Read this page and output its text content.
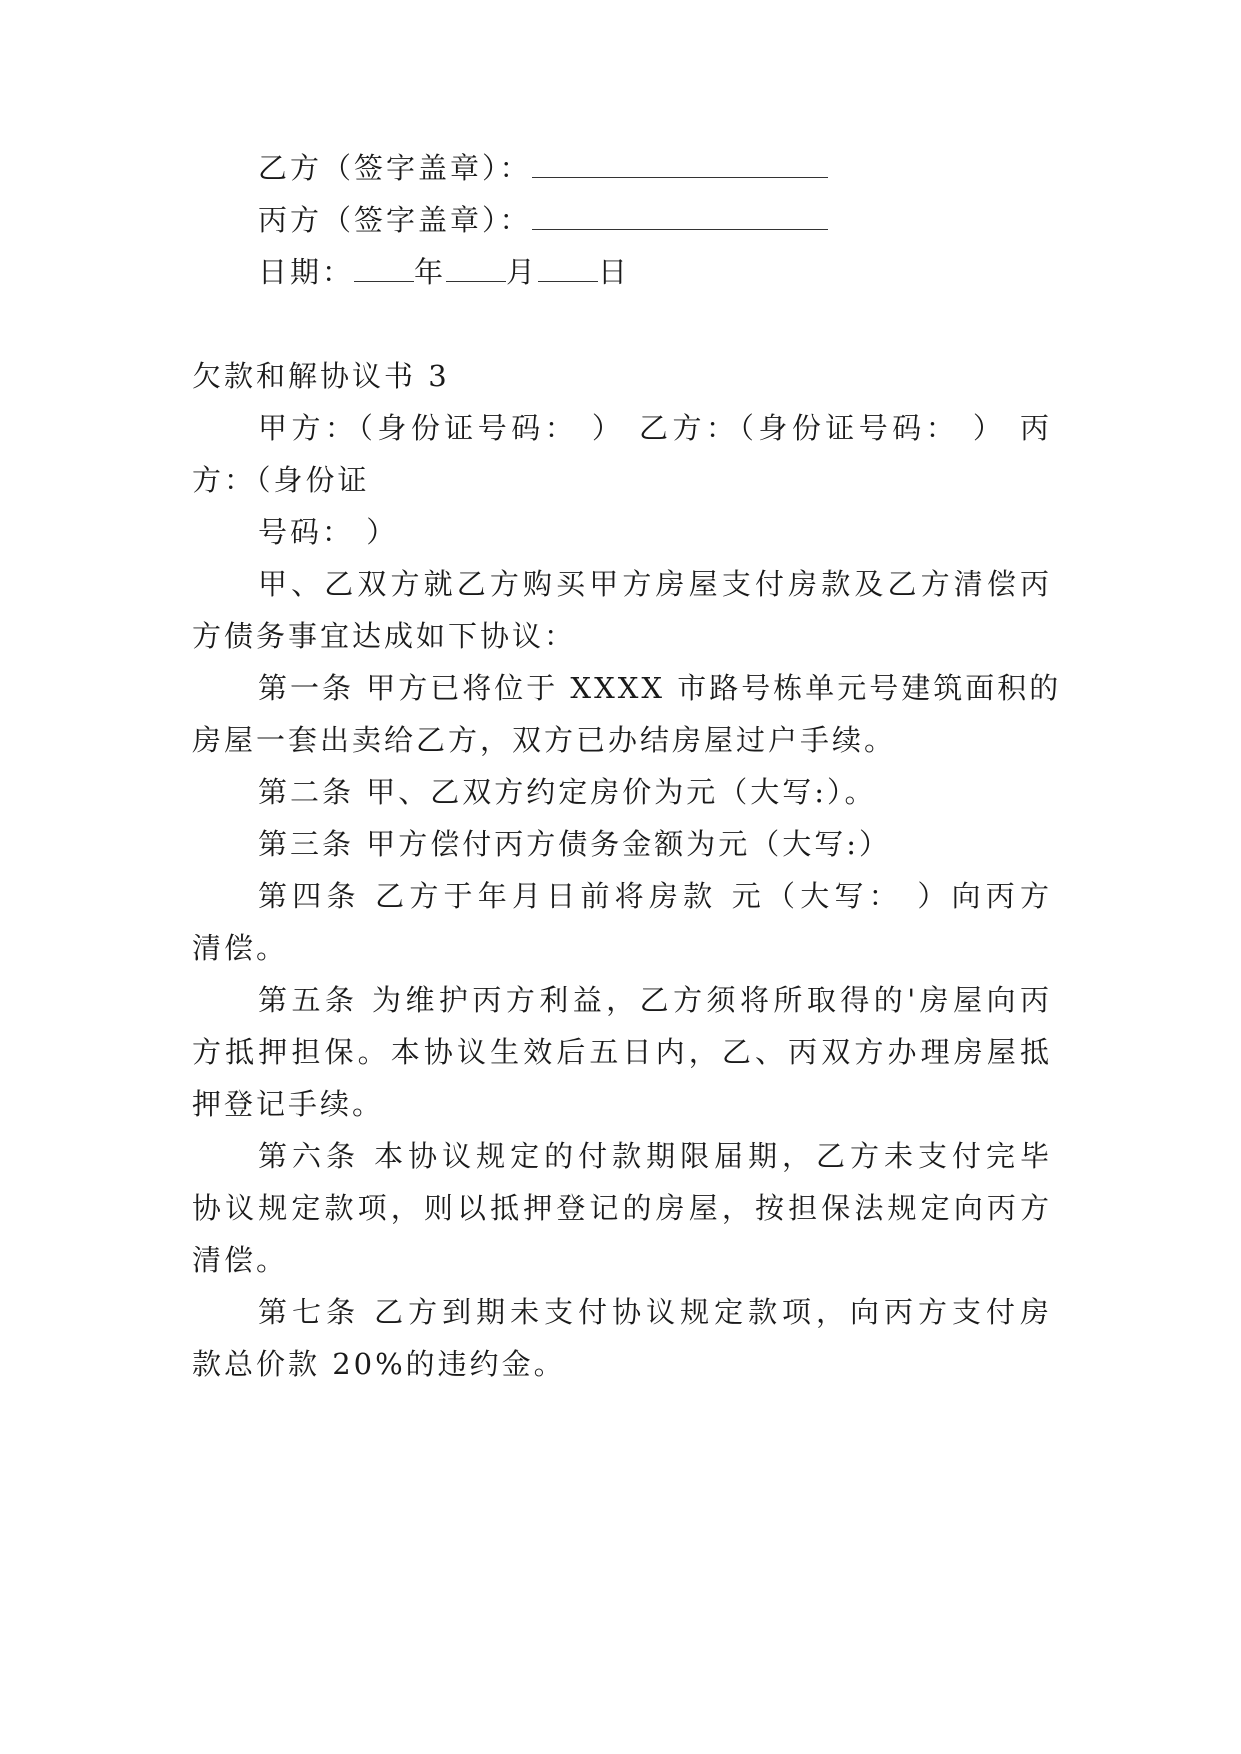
乙方（签字盖章）：
丙方（签字盖章）：
日期： 年 月 日
欠款和解协议书 3
甲方：（身份证号码： ） 乙方：（身份证号码： ） 丙
方：（身份证
号码： ）
甲、乙双方就乙方购买甲方房屋支付房款及乙方清偿丙
方债务事宜达成如下协议：
第一条 甲方已将位于 XXXX 市路号栋单元号建筑面积的
房屋一套出卖给乙方，双方已办结房屋过户手续。
第二条 甲、乙双方约定房价为元（大写:）。
第三条 甲方偿付丙方债务金额为元（大写:）
第四条 乙方于年月日前将房款 元（大写： ）向丙方
清偿。
第五条 为维护丙方利益，乙方须将所取得的'房屋向丙
方抵押担保。本协议生效后五日内，乙、丙双方办理房屋抵
押登记手续。
第六条 本协议规定的付款期限届期，乙方未支付完毕
协议规定款项，则以抵押登记的房屋，按担保法规定向丙方
清偿。
第七条 乙方到期未支付协议规定款项，向丙方支付房
款总价款 20%的违约金。
